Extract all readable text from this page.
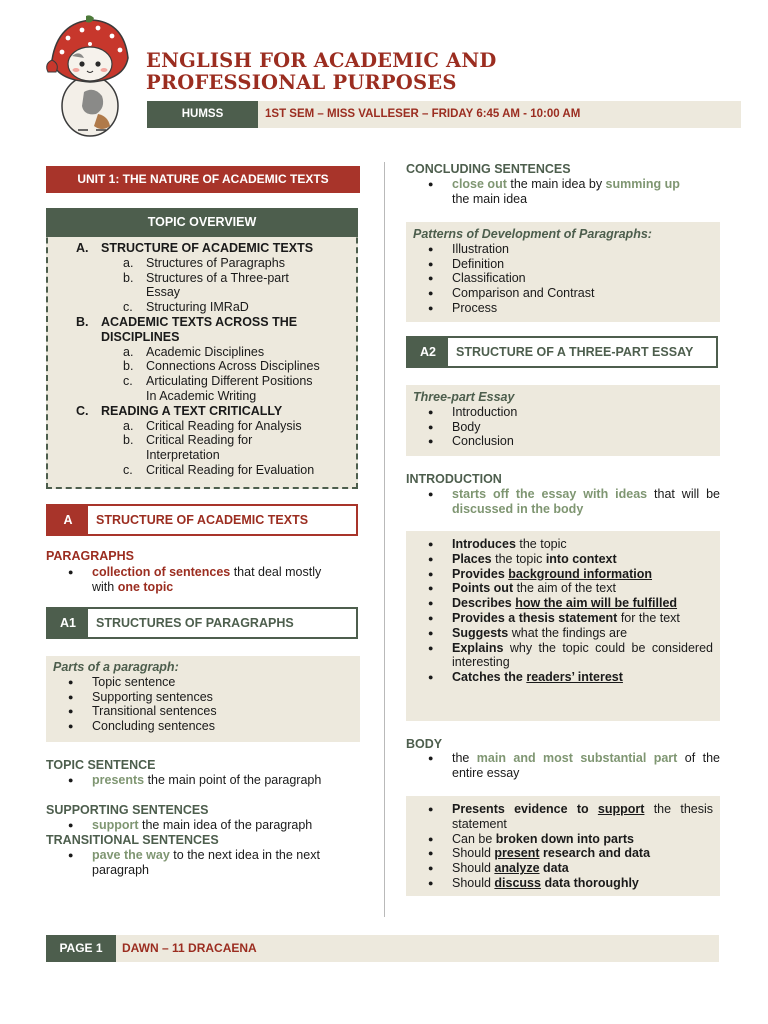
ENGLISH FOR ACADEMIC AND
PROFESSIONAL PURPOSES
HUMSS	1ST SEM – MISS VALLESER – FRIDAY 6:45 AM - 10:00 AM
UNIT 1: THE NATURE OF ACADEMIC TEXTS
TOPIC OVERVIEW
A.	STRUCTURE OF ACADEMIC TEXTS
a.	Structures of Paragraphs
b.	Structures of a Three-part
Essay
c.	Structuring IMRaD
B.	ACADEMIC TEXTS ACROSS THE
DISCIPLINES
a.	Academic Disciplines
b.	Connections Across Disciplines
c.	Articulating Different Positions
In Academic Writing
C.	READING A TEXT CRITICALLY
a.	Critical Reading for Analysis
b.	Critical Reading for
Interpretation
c.	Critical Reading for Evaluation
A	STRUCTURE OF ACADEMIC TEXTS
PARAGRAPHS
● collection of sentences that deal mostly
with one topic
A1	STRUCTURES OF PARAGRAPHS
Parts of a paragraph:
● Topic sentence
● Supporting sentences
● Transitional sentences
● Concluding sentences
TOPIC SENTENCE
● presents the main point of the paragraph
SUPPORTING SENTENCES
● support the main idea of the paragraph
TRANSITIONAL SENTENCES
● pave the way to the next idea in the next paragraph
CONCLUDING SENTENCES
● close out the main idea by summing up
the main idea
Patterns of Development of Paragraphs:
● Illustration
● Definition
● Classification
● Comparison and Contrast
● Process
A2	STRUCTURE OF A THREE-PART ESSAY
Three-part Essay
● Introduction
● Body
● Conclusion
INTRODUCTION
● starts off the essay with ideas that will be discussed in the body
● Introduces the topic
● Places the topic into context
● Provides background information
● Points out the aim of the text
● Describes how the aim will be fulfilled
● Provides a thesis statement for the text
● Suggests what the findings are
● Explains why the topic could be considered interesting
● Catches the readers’ interest
BODY
● the main and most substantial part of the entire essay
● Presents evidence to support the thesis statement
● Can be broken down into parts
● Should present research and data
● Should analyze data
● Should discuss data thoroughly
PAGE 1	DAWN – 11 DRACAENA
